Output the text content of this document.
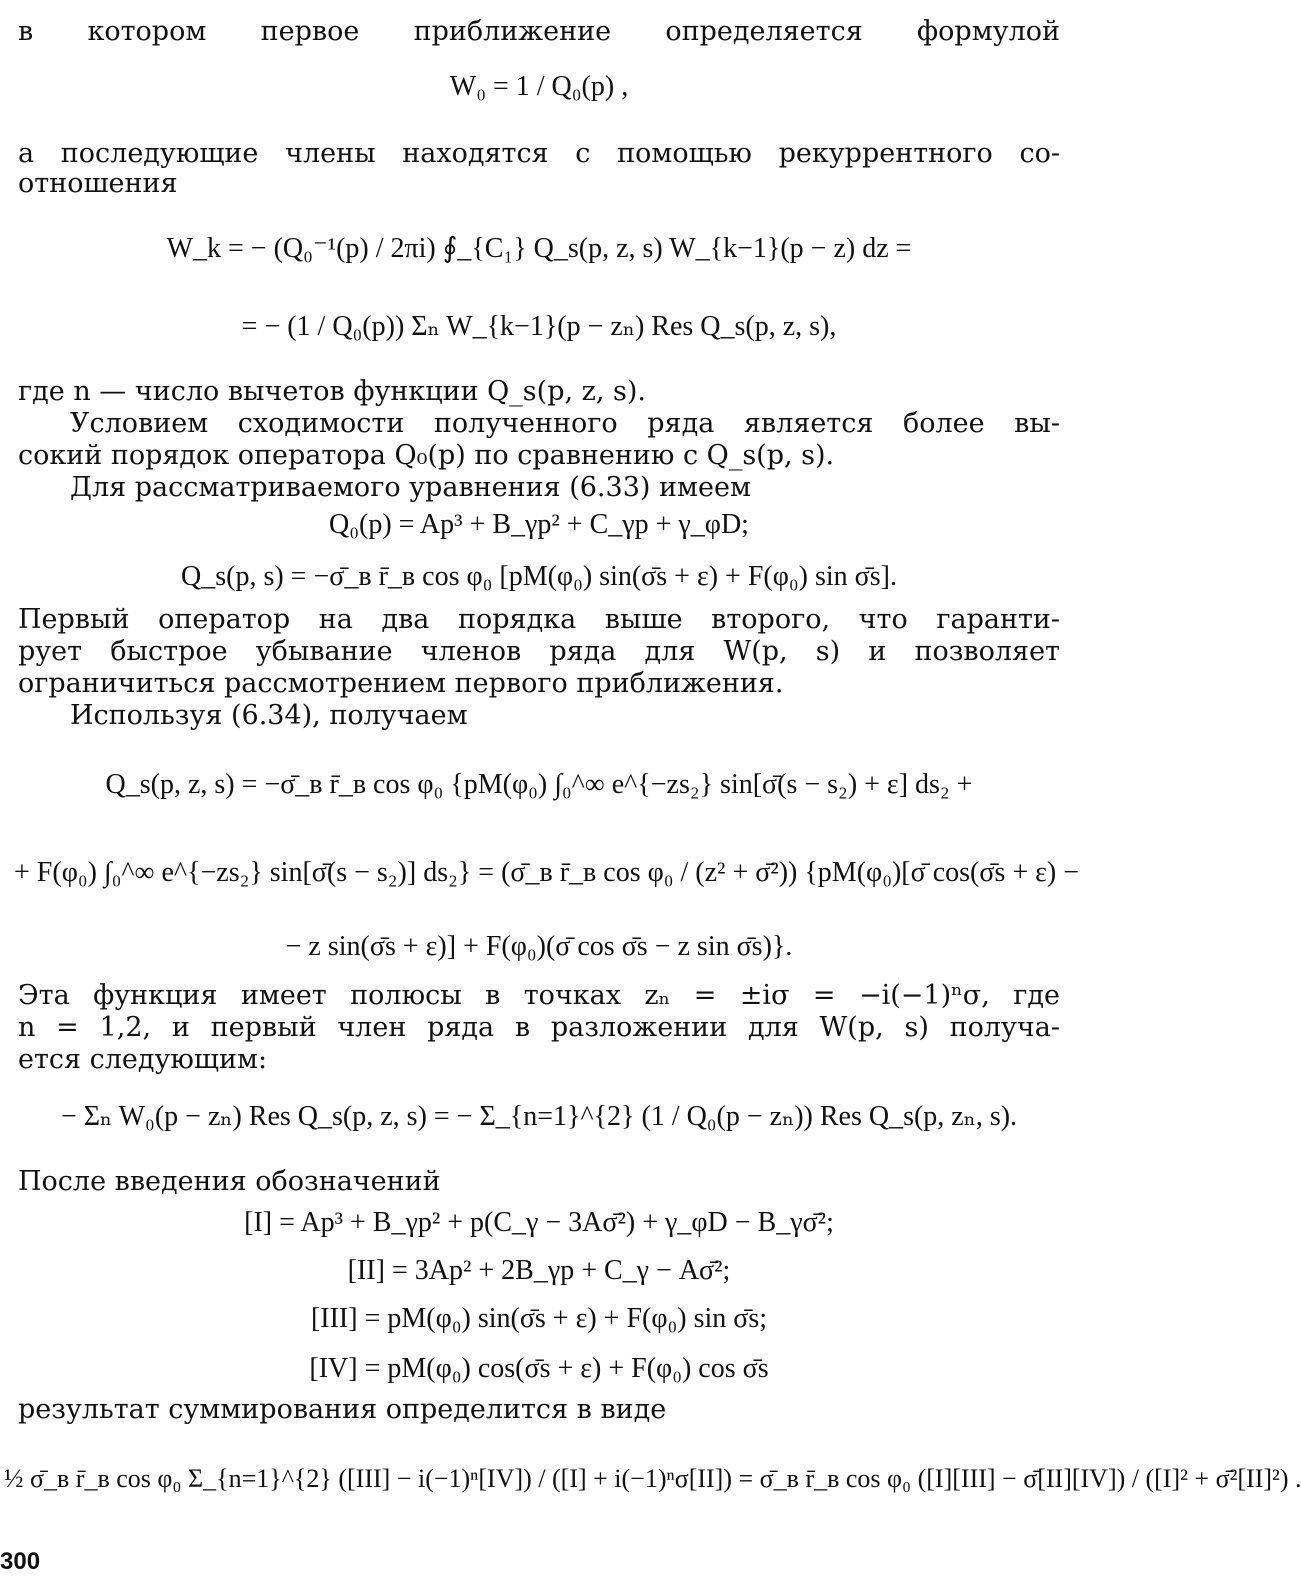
в котором первое приближение определяется формулой
W₀ = 1 / Q₀(p) ,
а последующие члены находятся с помощью рекуррентного со-
отношения
W_k = − (Q₀⁻¹(p) / 2πi) ∮_{C₁} Q_s(p, z, s) W_{k−1}(p − z) dz =
= − (1 / Q₀(p)) Σₙ W_{k−1}(p − zₙ) Res Q_s(p, z, s),
где n — число вычетов функции Q_s(p, z, s).
Условием сходимости полученного ряда является более вы-
сокий порядок оператора Q₀(p) по сравнению с Q_s(p, s).
Для рассматриваемого уравнения (6.33) имеем
Q₀(p) = Ap³ + B_γp² + C_γp + γ_φD;
Q_s(p, s) = −σ̄_в r̄_в cos φ₀ [pM(φ₀) sin(σ̄s + ε) + F(φ₀) sin σ̄s].
Первый оператор на два порядка выше второго, что гаранти-
рует быстрое убывание членов ряда для W(p, s) и позволяет
ограничиться рассмотрением первого приближения.
Используя (6.34), получаем
Q_s(p, z, s) = −σ̄_в r̄_в cos φ₀ {pM(φ₀) ∫₀^∞ e^{−zs₂} sin[σ̄(s − s₂) + ε] ds₂ +
+ F(φ₀) ∫₀^∞ e^{−zs₂} sin[σ̄(s − s₂)] ds₂} = (σ̄_в r̄_в cos φ₀ / (z² + σ̄²)) {pM(φ₀)[σ̄ cos(σ̄s + ε) −
− z sin(σ̄s + ε)] + F(φ₀)(σ̄ cos σ̄s − z sin σ̄s)}.
Эта функция имеет полюсы в точках zₙ = ±iσ = −i(−1)ⁿσ, где
n = 1,2, и первый член ряда в разложении для W(p, s) получа-
ется следующим:
− Σₙ W₀(p − zₙ) Res Q_s(p, z, s) = − Σ_{n=1}^{2} (1 / Q₀(p − zₙ)) Res Q_s(p, zₙ, s).
После введения обозначений
[I] = Ap³ + B_γp² + p(C_γ − 3Aσ̄²) + γ_φD − B_γσ̄²;
[II] = 3Ap² + 2B_γp + C_γ − Aσ̄²;
[III] = pM(φ₀) sin(σ̄s + ε) + F(φ₀) sin σ̄s;
[IV] = pM(φ₀) cos(σ̄s + ε) + F(φ₀) cos σ̄s
результат суммирования определится в виде
½ σ̄_в r̄_в cos φ₀ Σ_{n=1}^{2} ([III] − i(−1)ⁿ[IV]) / ([I] + i(−1)ⁿσ[II]) = σ̄_в r̄_в cos φ₀ ([I][III] − σ̄[II][IV]) / ([I]² + σ̄²[II]²) .
300
